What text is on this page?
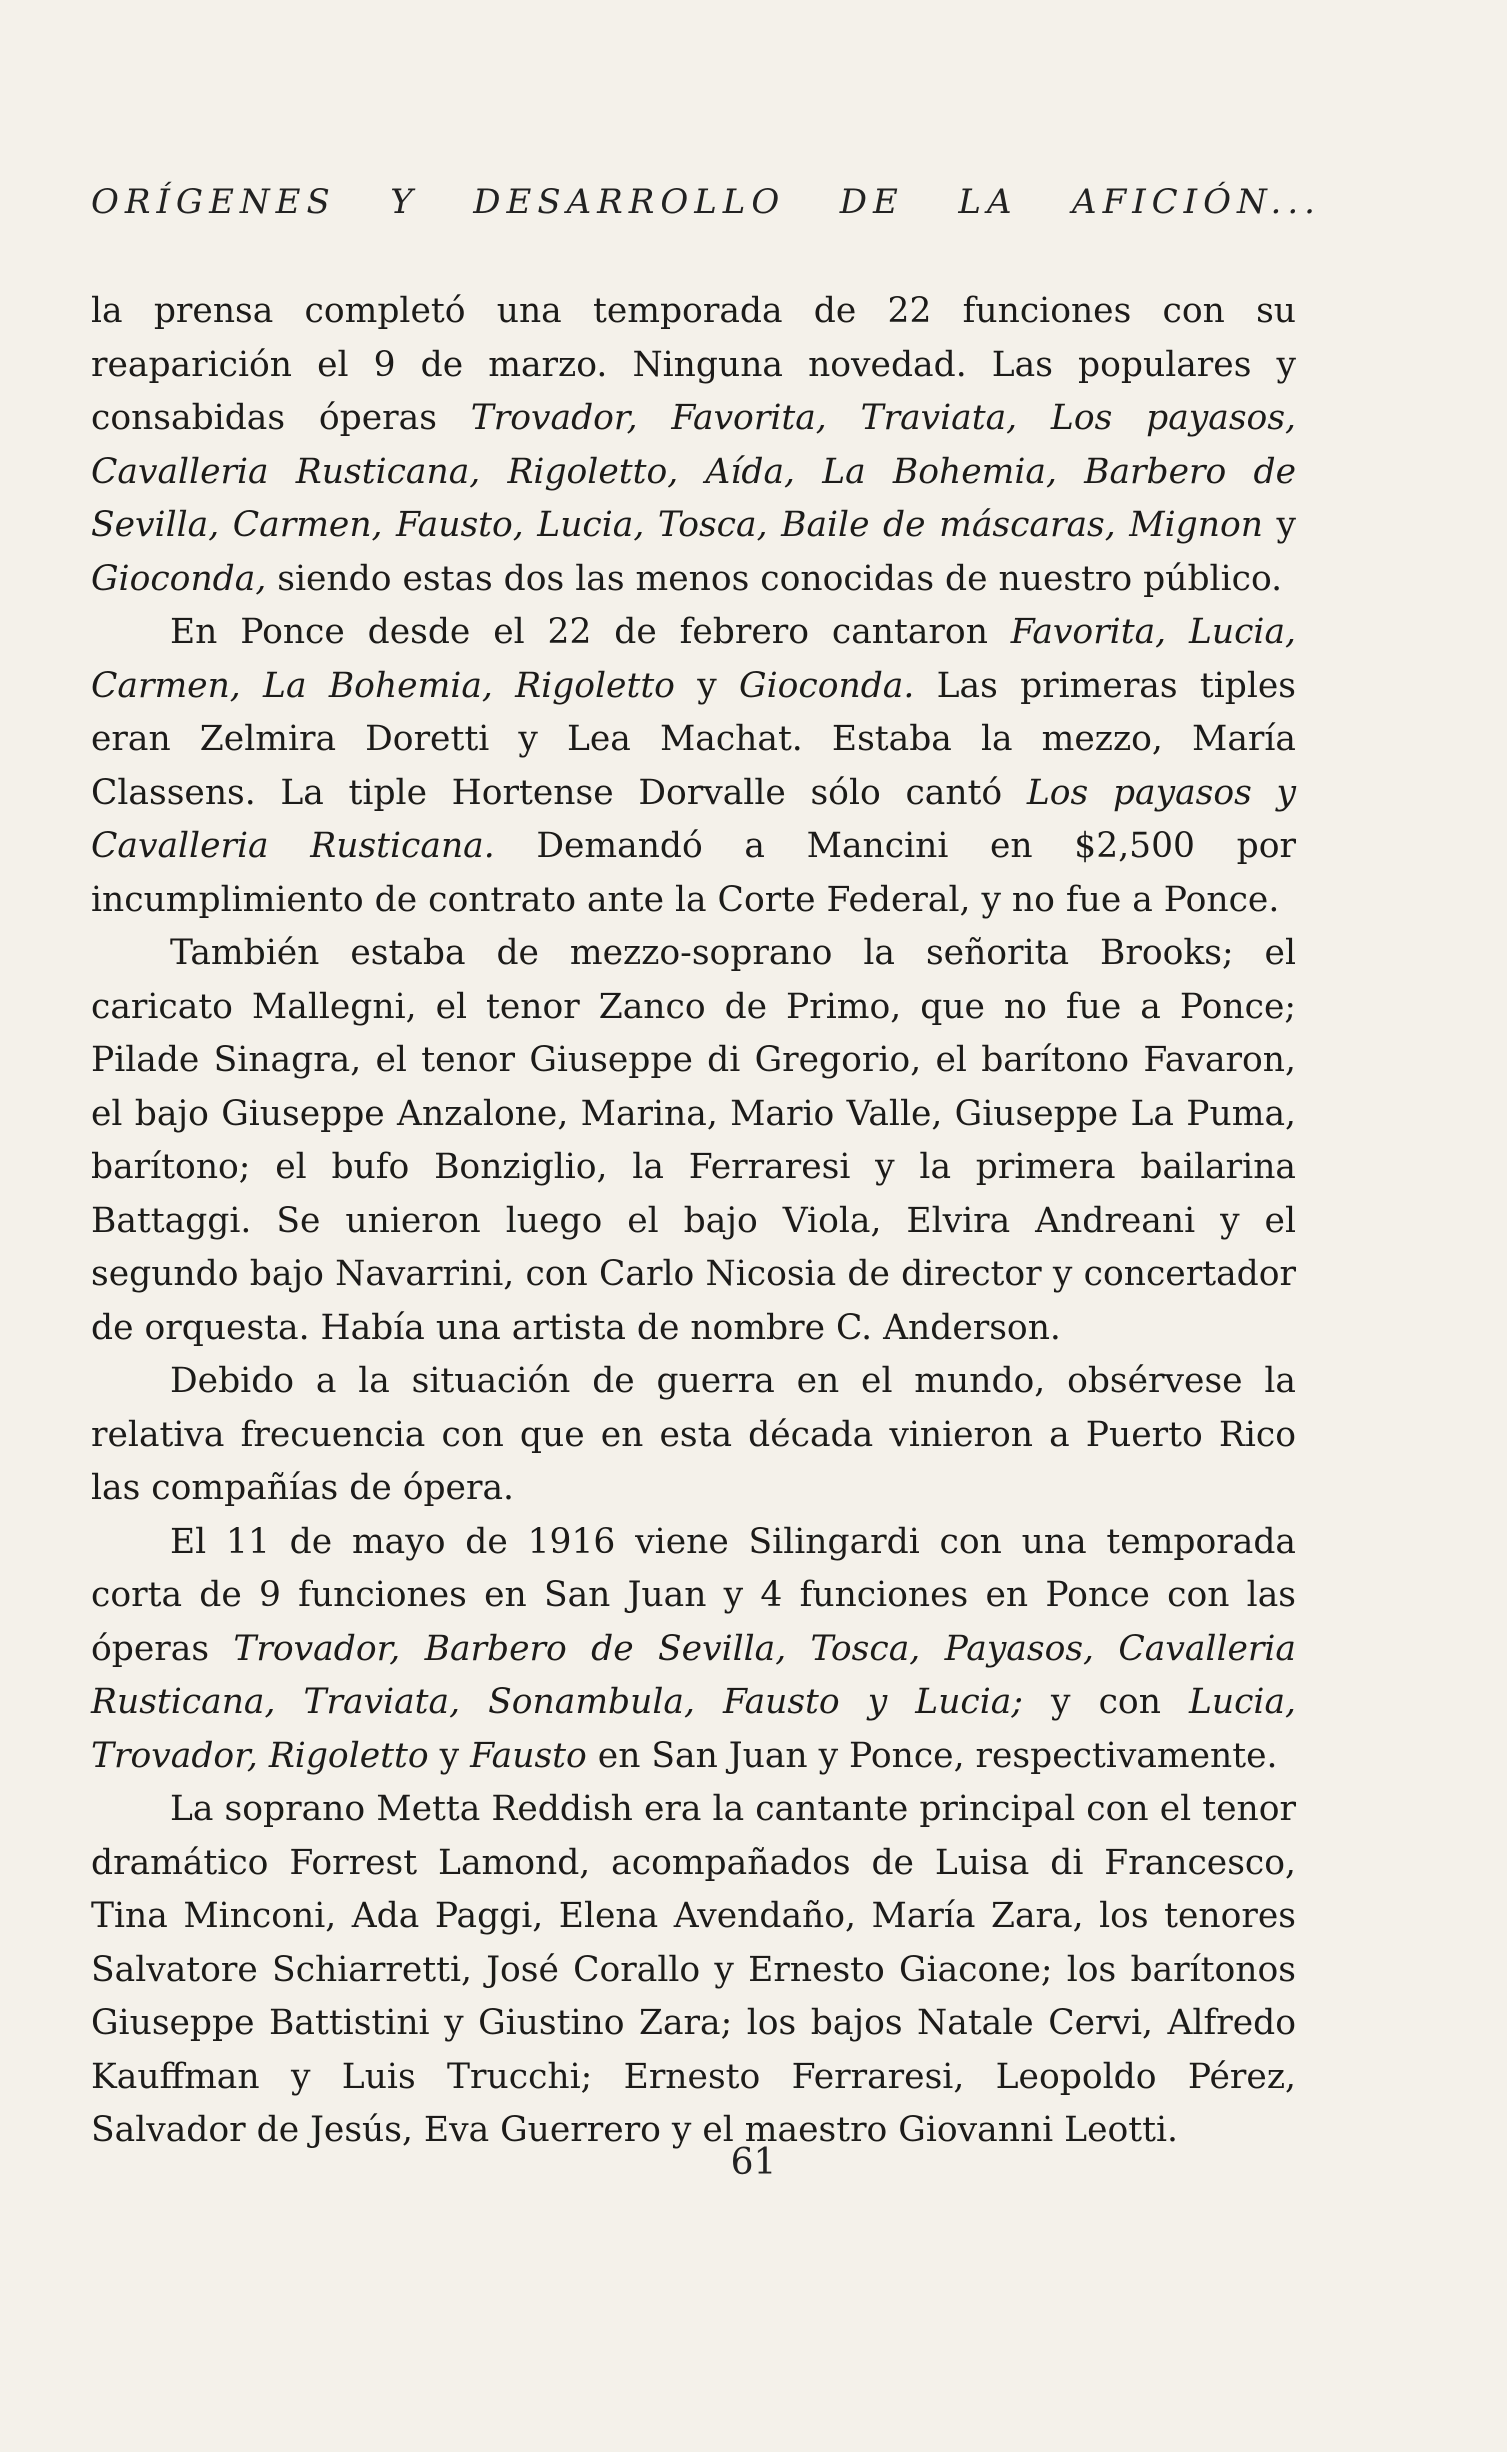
ORÍGENES Y DESARROLLO DE LA AFICIÓN...

la prensa completó una temporada de 22 funciones con su reaparición el 9 de marzo. Ninguna novedad. Las populares y consabidas óperas Trovador, Favorita, Traviata, Los payasos, Cavalleria Rusticana, Rigoletto, Aída, La Bohemia, Barbero de Sevilla, Carmen, Fausto, Lucia, Tosca, Baile de máscaras, Mignon y Gioconda, siendo estas dos las menos conocidas de nuestro público.

En Ponce desde el 22 de febrero cantaron Favorita, Lucia, Carmen, La Bohemia, Rigoletto y Gioconda. Las primeras tiples eran Zelmira Doretti y Lea Machat. Estaba la mezzo, María Classens. La tiple Hortense Dorvalle sólo cantó Los payasos y Cavalleria Rusticana. Demandó a Mancini en $2,500 por incumplimiento de contrato ante la Corte Federal, y no fue a Ponce.

También estaba de mezzo-soprano la señorita Brooks; el caricato Mallegni, el tenor Zanco de Primo, que no fue a Ponce; Pilade Sinagra, el tenor Giuseppe di Gregorio, el barítono Favaron, el bajo Giuseppe Anzalone, Marina, Mario Valle, Giuseppe La Puma, barítono; el bufo Bonziglio, la Ferraresi y la primera bailarina Battaggi. Se unieron luego el bajo Viola, Elvira Andreani y el segundo bajo Navarrini, con Carlo Nicosia de director y concertador de orquesta. Había una artista de nombre C. Anderson.

Debido a la situación de guerra en el mundo, obsérvese la relativa frecuencia con que en esta década vinieron a Puerto Rico las compañías de ópera.

El 11 de mayo de 1916 viene Silingardi con una temporada corta de 9 funciones en San Juan y 4 funciones en Ponce con las óperas Trovador, Barbero de Sevilla, Tosca, Payasos, Cavalleria Rusticana, Traviata, Sonambula, Fausto y Lucia; y con Lucia, Trovador, Rigoletto y Fausto en San Juan y Ponce, respectivamente.

La soprano Metta Reddish era la cantante principal con el tenor dramático Forrest Lamond, acompañados de Luisa di Francesco, Tina Minconi, Ada Paggi, Elena Avendaño, María Zara, los tenores Salvatore Schiarretti, José Corallo y Ernesto Giacone; los barítonos Giuseppe Battistini y Giustino Zara; los bajos Natale Cervi, Alfredo Kauffman y Luis Trucchi; Ernesto Ferraresi, Leopoldo Pérez, Salvador de Jesús, Eva Guerrero y el maestro Giovanni Leotti.

61
